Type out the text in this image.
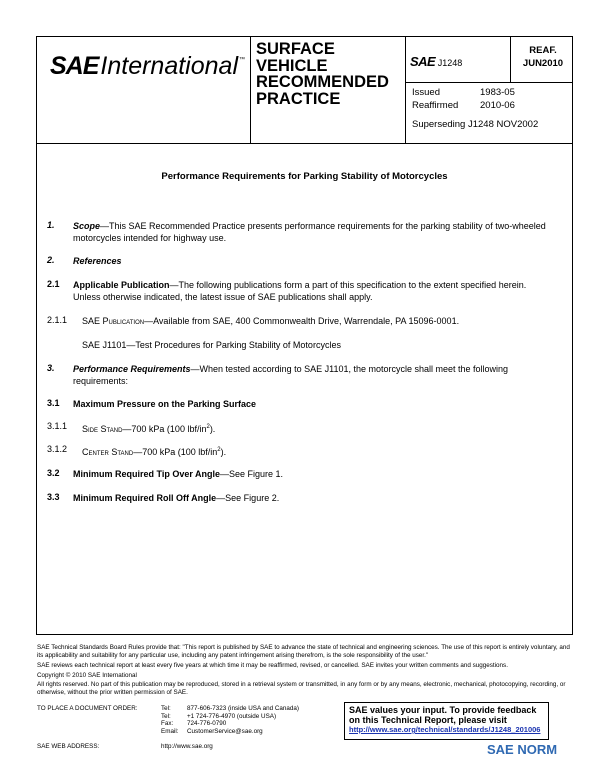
SAE International ™
SURFACE
VEHICLE
RECOMMENDED
PRACTICE
SAE J1248
REAF.
JUN2010
Issued	1983-05
Reaffirmed 2010-06
Superseding J1248 NOV2002
Performance Requirements for Parking Stability of Motorcycles
1. Scope—This SAE Recommended Practice presents performance requirements for the parking stability of two-wheeled motorcycles intended for highway use.
2. References
2.1 Applicable Publication—The following publications form a part of this specification to the extent specified herein. Unless otherwise indicated, the latest issue of SAE publications shall apply.
2.1.1 SAE Publication—Available from SAE, 400 Commonwealth Drive, Warrendale, PA 15096-0001.
SAE J1101—Test Procedures for Parking Stability of Motorcycles
3. Performance Requirements—When tested according to SAE J1101, the motorcycle shall meet the following requirements:
3.1 Maximum Pressure on the Parking Surface
3.1.1 Side Stand—700 kPa (100 lbf/$in^2$).
3.1.2 Center Stand—700 kPa (100 lbf/$in^2$).
3.2 Minimum Required Tip Over Angle—See Figure 1.
3.3 Minimum Required Roll Off Angle—See Figure 2.
SAE Technical Standards Board Rules provide that: "This report is published by SAE to advance the state of technical and engineering sciences. The use of this report is entirely voluntary, and its applicability and suitability for any particular use, including any patent infringement arising therefrom, is the sole responsibility of the user."
SAE reviews each technical report at least every five years at which time it may be reaffirmed, revised, or cancelled. SAE invites your written comments and suggestions.
Copyright © 2010 SAE International
All rights reserved. No part of this publication may be reproduced, stored in a retrieval system or transmitted, in any form or by any means, electronic, mechanical, photocopying, recording, or otherwise, without the prior written permission of SAE.
TO PLACE A DOCUMENT ORDER:	Tel:	877-606-7323 (inside USA and Canada)
Tel:	+1 724-776-4970 (outside USA)
Fax: 724-776-0790
Email: CustomerService@sae.org
SAE WEB ADDRESS:	http://www.sae.org
SAE values your input. To provide feedback
on this Technical Report, please visit
http://www.sae.org/technical/standards/J1248_201006
SAE NORM
